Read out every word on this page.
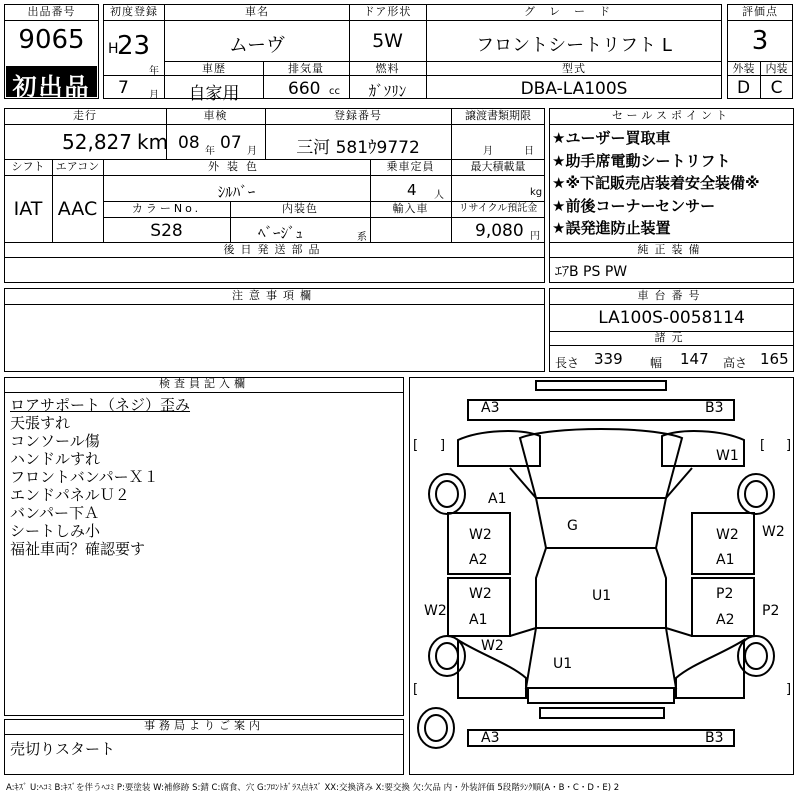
出品番号
9065
初出品
初度登録
H
23
年
7 月
車名
ムーヴ
ドア形状
5W
グレード
フロントシートリフト L
車歴
自家用
排気量
660 cc
燃料
ｶﾞｿﾘﾝ
型式
DBA-LA100S
評価点
3
外装	内装
D	C
走行
52,827 km
車検
08 年 07 月
登録番号
三河 581ｳ9772
譲渡書類期限
月	日
シフト	エアコン
IAT AAC
外装色
ｼﾙﾊﾞｰ
乗車定員
4 人
最大積載量
kg
カラーNo.
S28
内装色
ﾍﾞｰｼﾞｭ	系
輸入車	リサイクル預託金
9,080 円
後日発送部品
セールスポイント
★ユーザー買取車
★助手席電動シートリフト
★※下記販売店装着安全装備※
★前後コーナーセンサー
★誤発進防止装置
純正装備
ｴｱB PS PW
注意事項欄	車台番号
LA100S-0058114
諸元
長さ 339 幅 147 高さ 165
検査員記入欄
ロアサポート（ネジ）歪み
天張すれ
コンソール傷
ハンドルすれ
フロントバンパーＸ１
エンドパネルＵ２
バンパー下Ａ
シートしみ小
福祉車両？確認要す
事務局よりご案内
売切りスタート
A3	B3
W1
A1
G
W2
A2
W2
A1
W2
W2
A1
U1	P2
A2
P2
W2
U1
A3	B3
W2
[ ]	[ ]
[	]
A:ｷｽﾞ U:ﾍｺﾐ B:ｷｽﾞを伴うﾍｺﾐ P:要塗装 W:補修跡 S:錆 C:腐食、穴 G:ﾌﾛﾝﾄｶﾞﾗｽ点ｷｽﾞ XX:交換済み X:要交換 欠:欠品 内・外装評価 5段階ﾗﾝｸ順(A・B・C・D・E) 2
